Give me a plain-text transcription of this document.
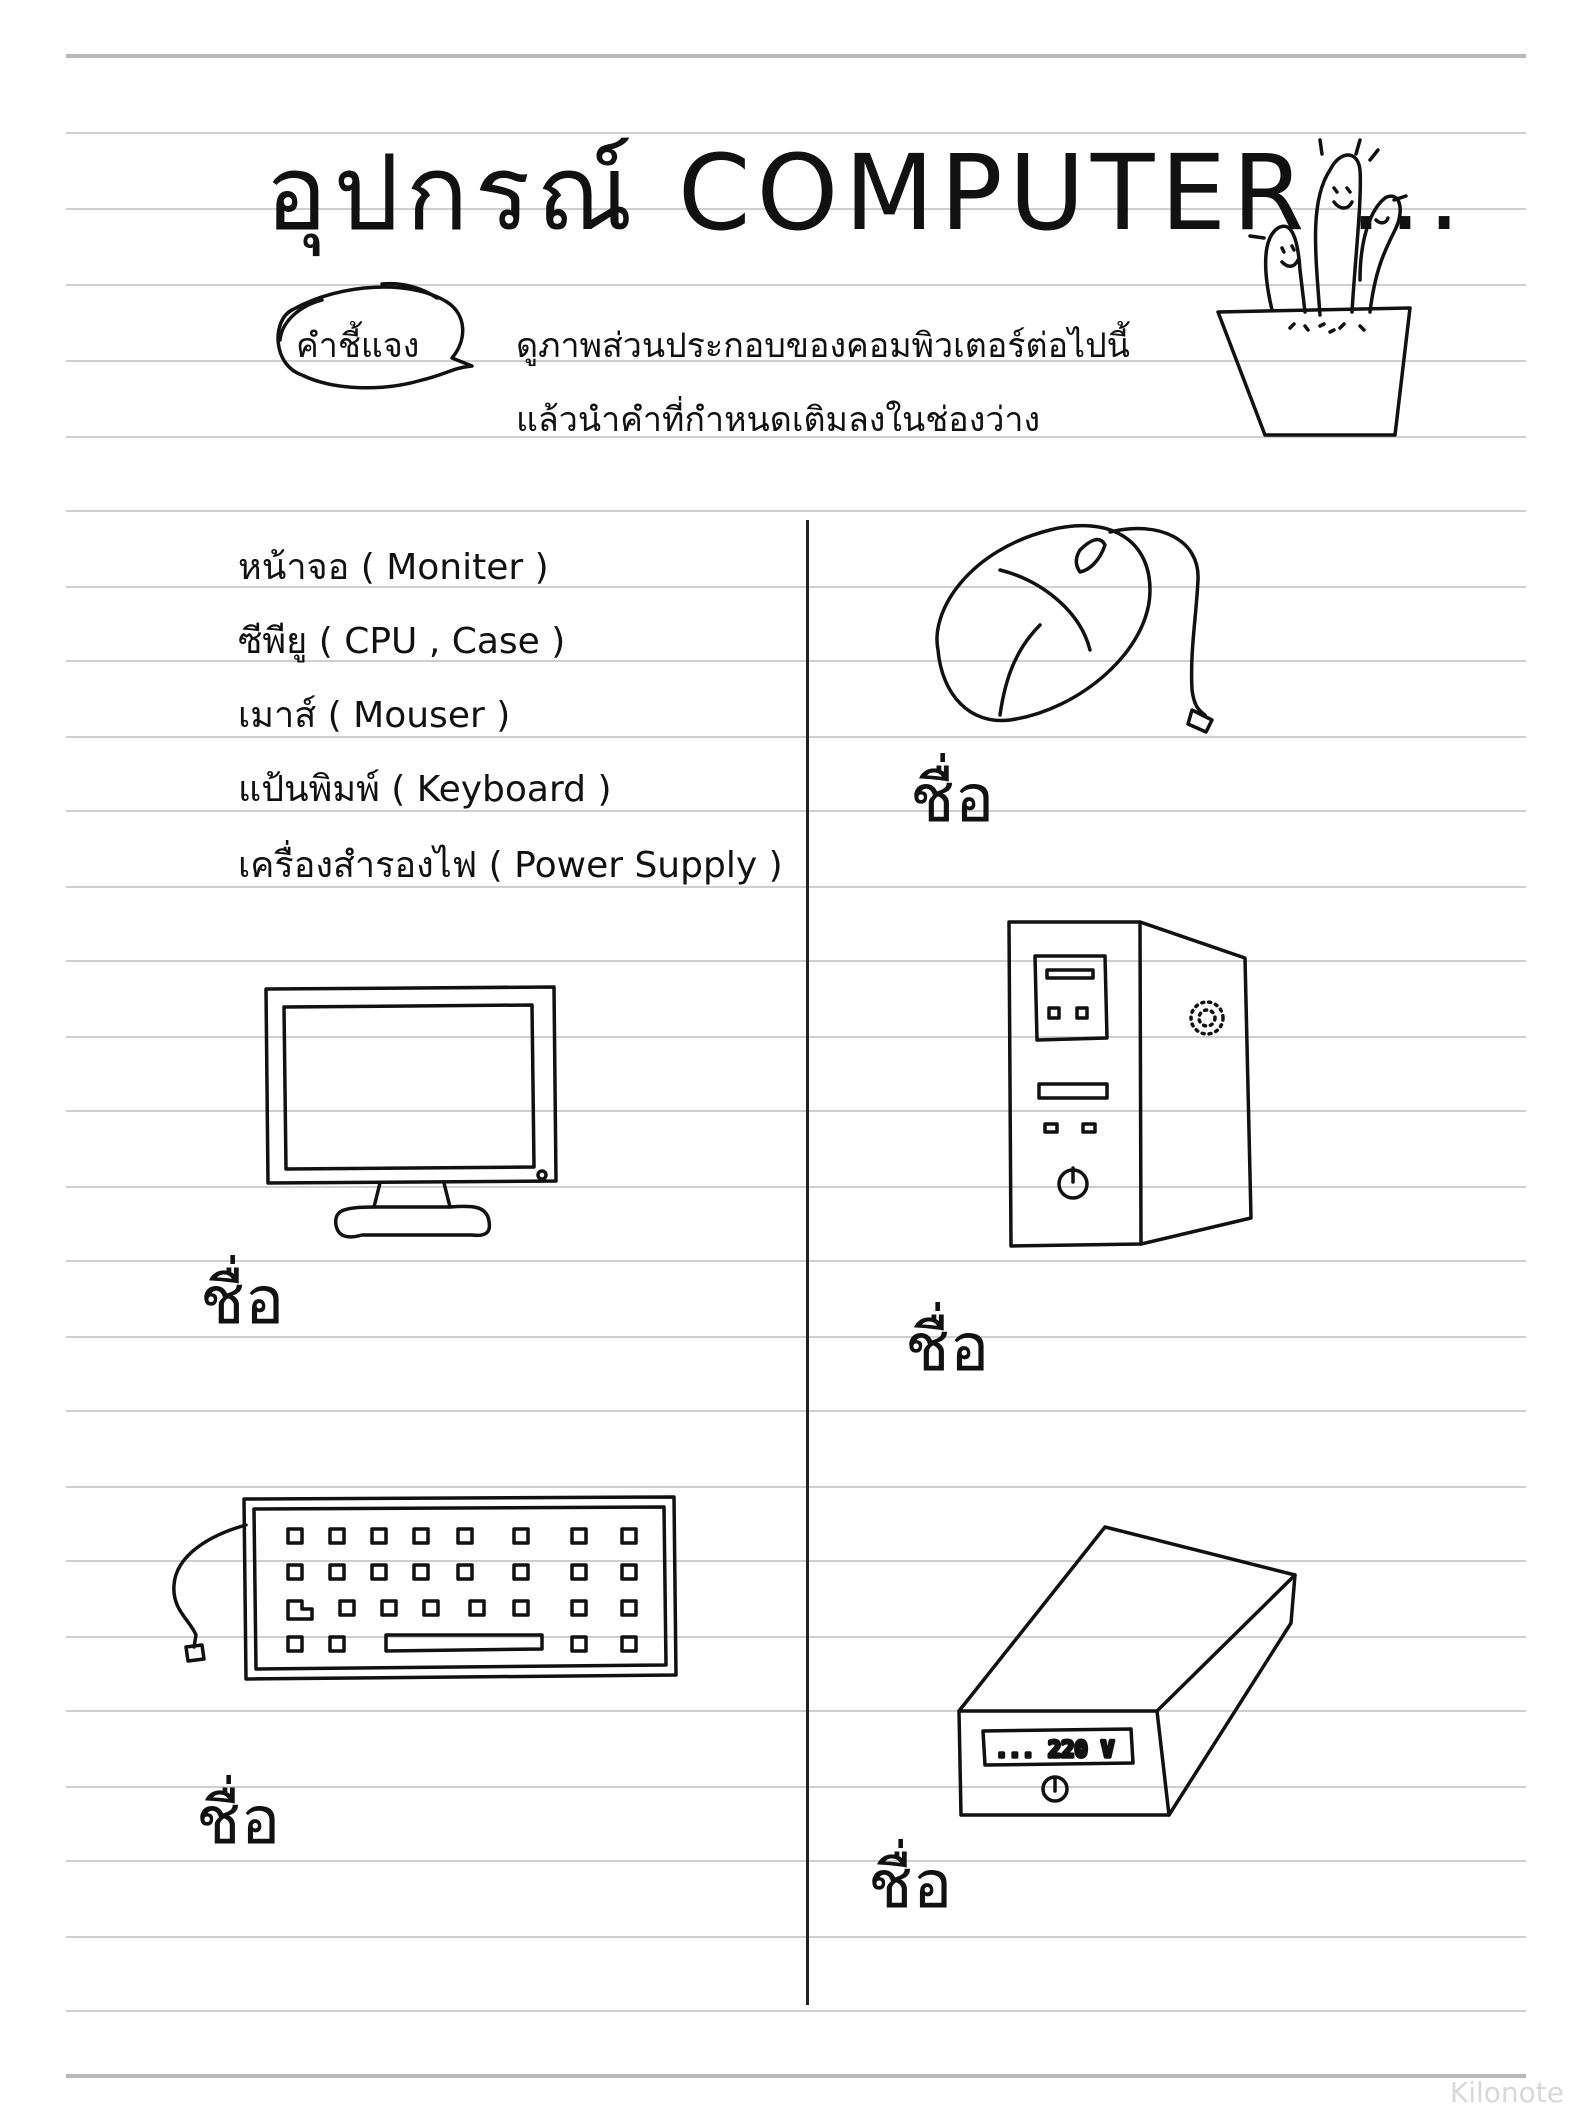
อุปกรณ์ COMPUTER ...
คำชี้แจง	ดูภาพส่วนประกอบของคอมพิวเตอร์ต่อไปนี้
แล้วนำคำที่กำหนดเติมลงในช่องว่าง
หน้าจอ ( Moniter )
ซีพียู ( CPU , Case )
เมาส์ ( Mouser )
แป้นพิมพ์ ( Keyboard )
เครื่องสำรองไฟ ( Power Supply )
ชื่อ
ชื่อ
ชื่อ
ชื่อ
... 220 V
ชื่อ
Kilonote
